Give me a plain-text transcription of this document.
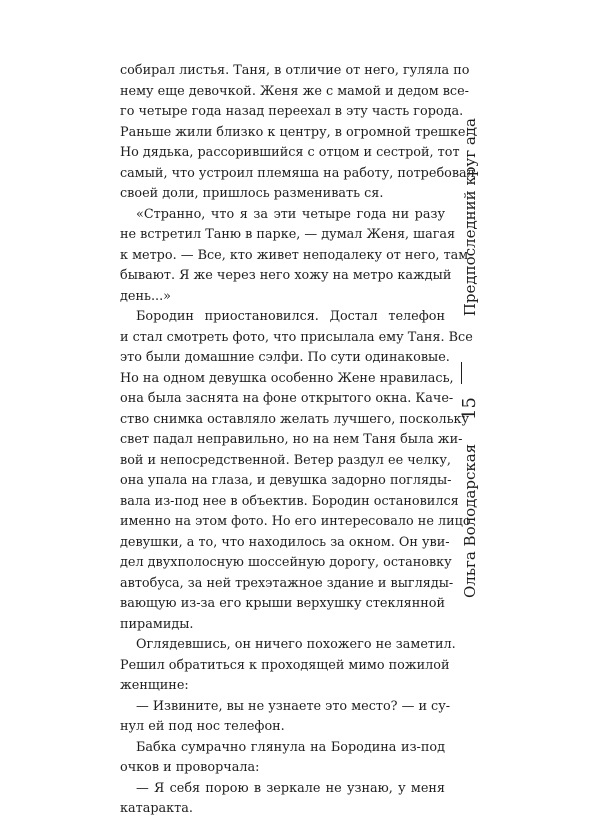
собирал листья. Таня, в отличие от него, гуляла по
нему еще девочкой. Женя же с мамой и дедом все-
го четыре года назад переехал в эту часть города.
Раньше жили близко к центру, в огромной трешке.
Но дядька, рассорившийся с отцом и сестрой, тот
самый, что устроил племяша на работу, потребовал
своей доли, пришлось разменивать ся.
«Странно, что я за эти четыре года ни разу
не встретил Таню в парке, — думал Женя, шагая
к метро. — Все, кто живет неподалеку от него, там
бывают. Я же через него хожу на метро каждый
день...»
Бородин приостановился. Достал телефон
и стал смотреть фото, что присылала ему Таня. Все
это были домашние сэлфи. По сути одинаковые.
Но на одном девушка особенно Жене нравилась,
она была заснята на фоне открытого окна. Каче-
ство снимка оставляло желать лучшего, поскольку
свет падал неправильно, но на нем Таня была жи-
вой и непосредственной. Ветер раздул ее челку,
она упала на глаза, и девушка задорно погляды-
вала из-под нее в объектив. Бородин остановился
именно на этом фото. Но его интересовало не лицо
девушки, а то, что находилось за окном. Он уви-
дел двухполосную шоссейную дорогу, остановку
автобуса, за ней трехэтажное здание и выгляды-
вающую из-за его крыши верхушку стеклянной
пирамиды.
Оглядевшись, он ничего похожего не заметил.
Решил обратиться к проходящей мимо пожилой
женщине:
— Извините, вы не узнаете это место? — и су-
нул ей под нос телефон.
Бабка сумрачно глянула на Бородина из-под
очков и проворчала:
— Я себя порою в зеркале не узнаю, у меня
катаракта.
Ольга Володарская
15
Предпоследний круг ада
